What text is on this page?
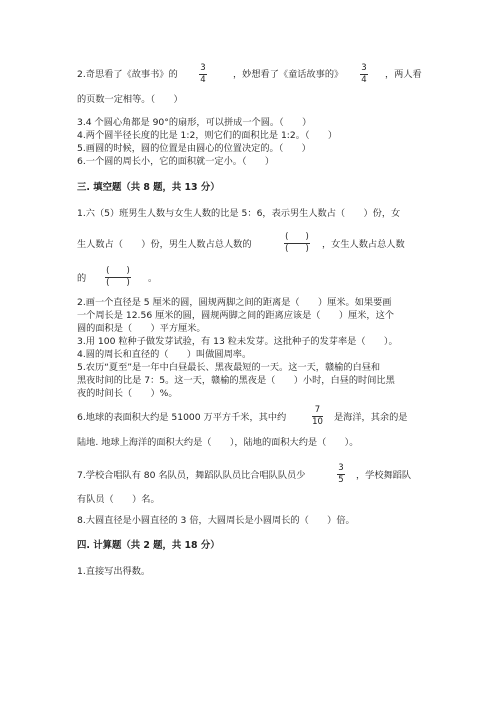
2.奇思看了《故事书》的
3
4	，妙想看了《童话故事的》
3
4 ，两人看
的页数一定相等。（　　）
3.4 个圆心角都是 90°的扇形，可以拼成一个圆。（　　）
4.两个圆半径长度的比是 1:2，则它们的面积比是 1:2。（　　）
5.画圆的时候，圆的位置是由圆心的位置决定的。（　　）
6.一个圆的周长小，它的面积就一定小。（　　）
三. 填空题（共 8 题，共 13 分）
1.六（5）班男生人数与女生人数的比是 5：6，表示男生人数占（　　）份，女
生人数占（　　）份，男生人数占总人数的
(　　)
(　　) ，女生人数占总人数
的
(　　)
(　　) 。
2.画一个直径是 5 厘米的圆，圆规两脚之间的距离是（　　）厘米。如果要画
一个周长是 12.56 厘米的圆，圆规两脚之间的距离应该是（　　）厘米，这个
圆的面积是（　　）平方厘米。
3.用 100 粒种子做发芽试验，有 13 粒未发芽。这批种子的发芽率是（　　）。
4.圆的周长和直径的（　　）叫做圆周率。
5.农历“夏至”是一年中白昼最长、黑夜最短的一天。这一天，赣榆的白昼和
黑夜时间的比是 7：5。这一天，赣榆的黑夜是（　　）小时，白昼的时间比黑
夜的时间长（　　）%。
6.地球的表面积大约是 51000 万平方千米，其中约
7
10 是海洋，其余的是
陆地. 地球上海洋的面积大约是（　　），陆地的面积大约是（　　）。
7.学校合唱队有 80 名队员，舞蹈队队员比合唱队队员少
3
5 ，学校舞蹈队
有队员（　　）名。
8.大圆直径是小圆直径的 3 倍，大圆周长是小圆周长的（　　）倍。
四. 计算题（共 2 题，共 18 分）
1.直接写出得数。
